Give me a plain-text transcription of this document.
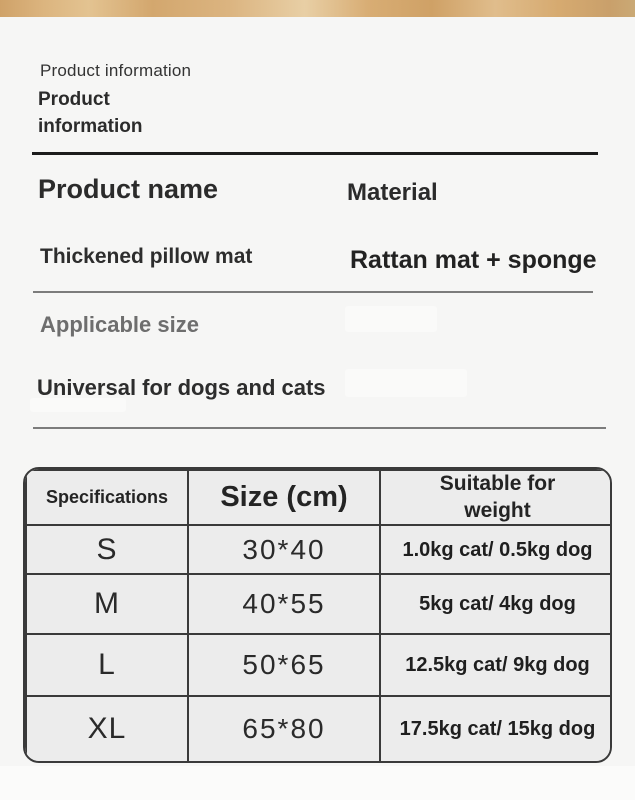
Product information
Product information
Product name	Material
Thickened pillow mat	Rattan mat + sponge
Applicable size
Universal for dogs and cats
Specifications	Size (cm)	Suitable for weight
S	30*40	1.0kg cat/ 0.5kg dog
M	40*55	5kg cat/ 4kg dog
L	50*65	12.5kg cat/ 9kg dog
XL	65*80	17.5kg cat/ 15kg dog
